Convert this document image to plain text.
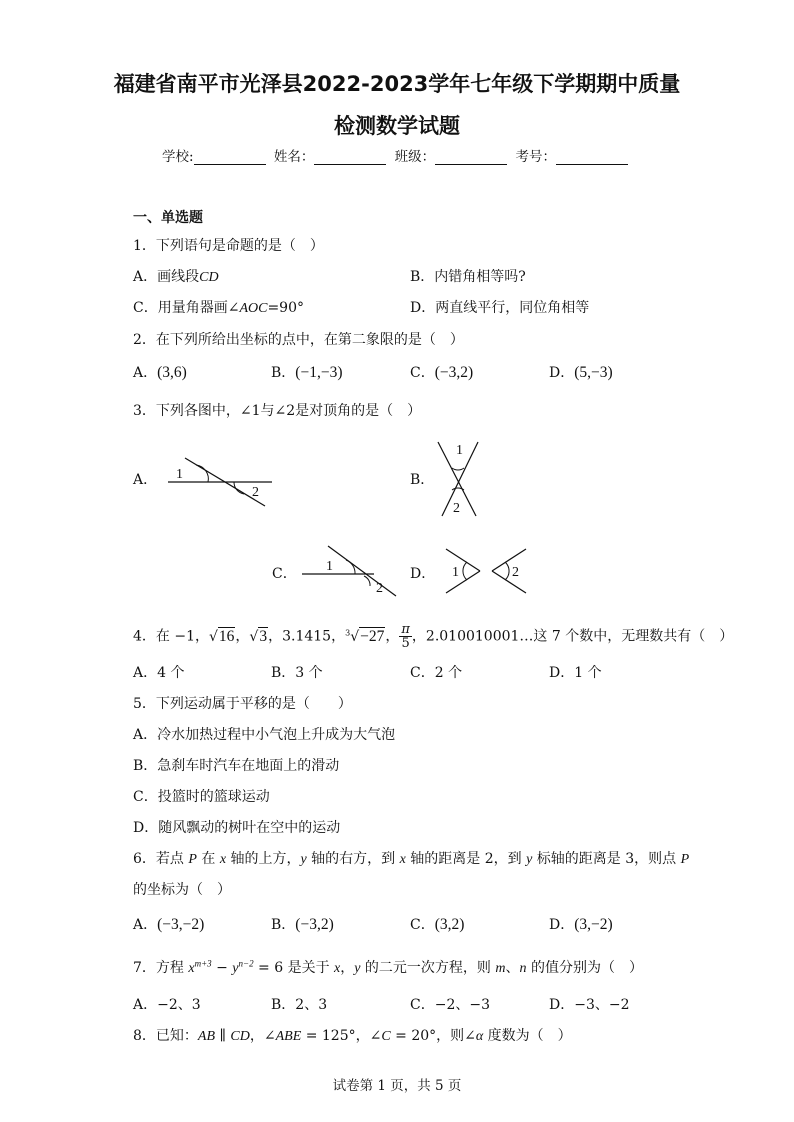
福建省南平市光泽县2022-2023学年七年级下学期期中质量
检测数学试题
学校:	姓名：	班级：	考号：
一、单选题
1．下列语句是命题的是（　）
A．画线段CD	B．内错角相等吗?
C．用量角器画∠AOC=90°	D．两直线平行，同位角相等
2．在下列所给出坐标的点中，在第二象限的是（　）
A．(3,6)	B．(−1,−3)	C．(−3,2)	D．(5,−3)
3．下列各图中，∠1与∠2是对顶角的是（　）
A． 1
2
B．
1
2
C． 1
2
D． 1	2
4．在 −1，√16，√3，3.1415，$^3$√−27， $\frac{\pi}{5}$ ，2.010010001…这 7 个数中，无理数共有（　）
A．4 个	B．3 个	C．2 个	D．1 个
5．下列运动属于平移的是（　　）
A．冷水加热过程中小气泡上升成为大气泡
B．急刹车时汽车在地面上的滑动
C．投篮时的篮球运动
D．随风飘动的树叶在空中的运动
6．若点 P 在 x 轴的上方，y 轴的右方，到 x 轴的距离是 2，到 y 标轴的距离是 3，则点 P
的坐标为（　）
A．(−3,−2)	B．(−3,2)	C．(3,2)	D．(3,−2)
7．方程 $x^{m+3} - y^{n-2} = 6$ 是关于 x，y 的二元一次方程，则 m、n 的值分别为（　）
A．−2、3	B．2、3	C．−2、−3	D．−3、−2
8．已知：AB ∥ CD，∠ABE = 125°，∠C = 20°，则∠α 度数为（　）
试卷第 1 页，共 5 页
